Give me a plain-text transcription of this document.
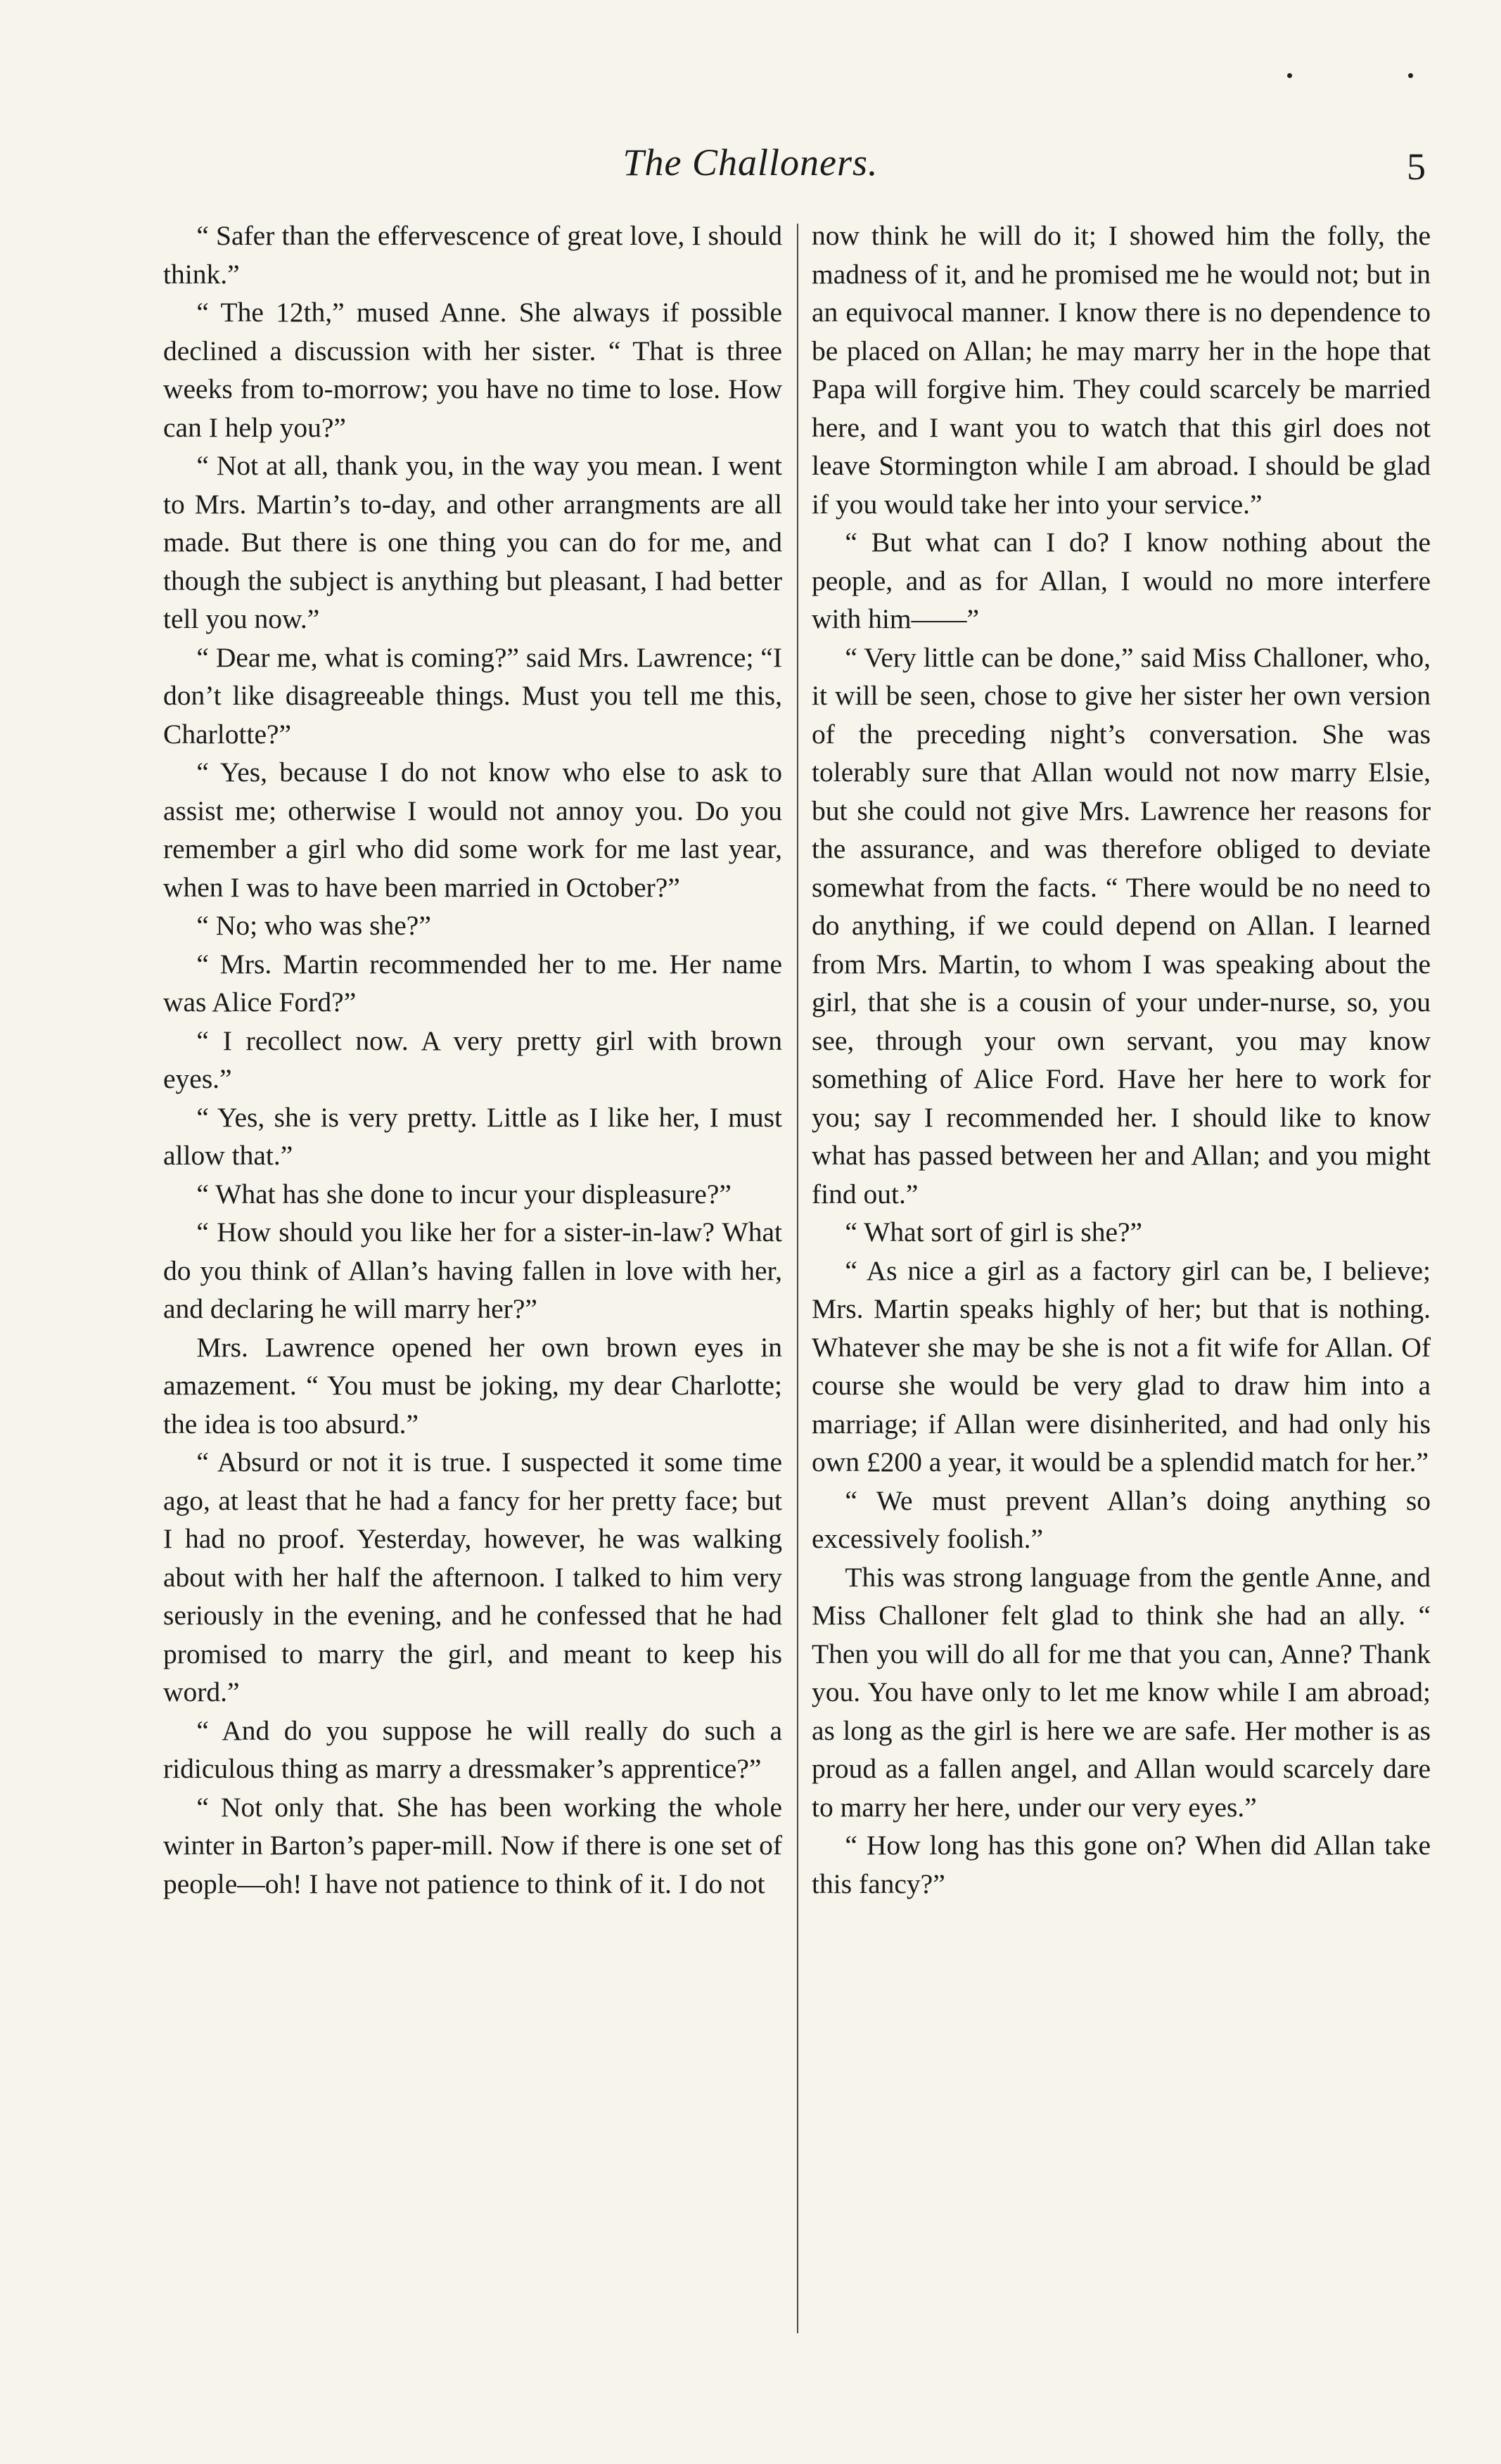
The Challoners.	5

“ Safer than the effervescence of great love, I should think.”

“ The 12th,” mused Anne. She always if possible declined a discussion with her sister. “ That is three weeks from to-morrow; you have no time to lose. How can I help you?”

“ Not at all, thank you, in the way you mean. I went to Mrs. Martin’s to-day, and other arrangments are all made. But there is one thing you can do for me, and though the subject is anything but pleasant, I had better tell you now.”

“ Dear me, what is coming?” said Mrs. Lawrence; “I don’t like disagreeable things. Must you tell me this, Charlotte?”

“ Yes, because I do not know who else to ask to assist me; otherwise I would not annoy you. Do you remember a girl who did some work for me last year, when I was to have been married in October?”

“ No; who was she?”

“ Mrs. Martin recommended her to me. Her name was Alice Ford?”

“ I recollect now. A very pretty girl with brown eyes.”

“ Yes, she is very pretty. Little as I like her, I must allow that.”

“ What has she done to incur your displeasure?”

“ How should you like her for a sister-in-law? What do you think of Allan’s having fallen in love with her, and declaring he will marry her?”

Mrs. Lawrence opened her own brown eyes in amazement. “ You must be joking, my dear Charlotte; the idea is too absurd.”

“ Absurd or not it is true. I suspected it some time ago, at least that he had a fancy for her pretty face; but I had no proof. Yesterday, however, he was walking about with her half the afternoon. I talked to him very seriously in the evening, and he confessed that he had promised to marry the girl, and meant to keep his word.”

“ And do you suppose he will really do such a ridiculous thing as marry a dressmaker’s apprentice?”

“ Not only that. She has been working the whole winter in Barton’s paper-mill. Now if there is one set of people—oh! I have not patience to think of it. I do not

now think he will do it; I showed him the folly, the madness of it, and he promised me he would not; but in an equivocal manner. I know there is no dependence to be placed on Allan; he may marry her in the hope that Papa will forgive him. They could scarcely be married here, and I want you to watch that this girl does not leave Stormington while I am abroad. I should be glad if you would take her into your service.”

“ But what can I do? I know nothing about the people, and as for Allan, I would no more interfere with him——”

“ Very little can be done,” said Miss Challoner, who, it will be seen, chose to give her sister her own version of the preceding night’s conversation. She was tolerably sure that Allan would not now marry Elsie, but she could not give Mrs. Lawrence her reasons for the assurance, and was therefore obliged to deviate somewhat from the facts. “ There would be no need to do anything, if we could depend on Allan. I learned from Mrs. Martin, to whom I was speaking about the girl, that she is a cousin of your under-nurse, so, you see, through your own servant, you may know something of Alice Ford. Have her here to work for you; say I recommended her. I should like to know what has passed between her and Allan; and you might find out.”

“ What sort of girl is she?”

“ As nice a girl as a factory girl can be, I believe; Mrs. Martin speaks highly of her; but that is nothing. Whatever she may be she is not a fit wife for Allan. Of course she would be very glad to draw him into a marriage; if Allan were disinherited, and had only his own £200 a year, it would be a splendid match for her.”

“ We must prevent Allan’s doing anything so excessively foolish.”

This was strong language from the gentle Anne, and Miss Challoner felt glad to think she had an ally. “ Then you will do all for me that you can, Anne? Thank you. You have only to let me know while I am abroad; as long as the girl is here we are safe. Her mother is as proud as a fallen angel, and Allan would scarcely dare to marry her here, under our very eyes.”

“ How long has this gone on? When did Allan take this fancy?”
